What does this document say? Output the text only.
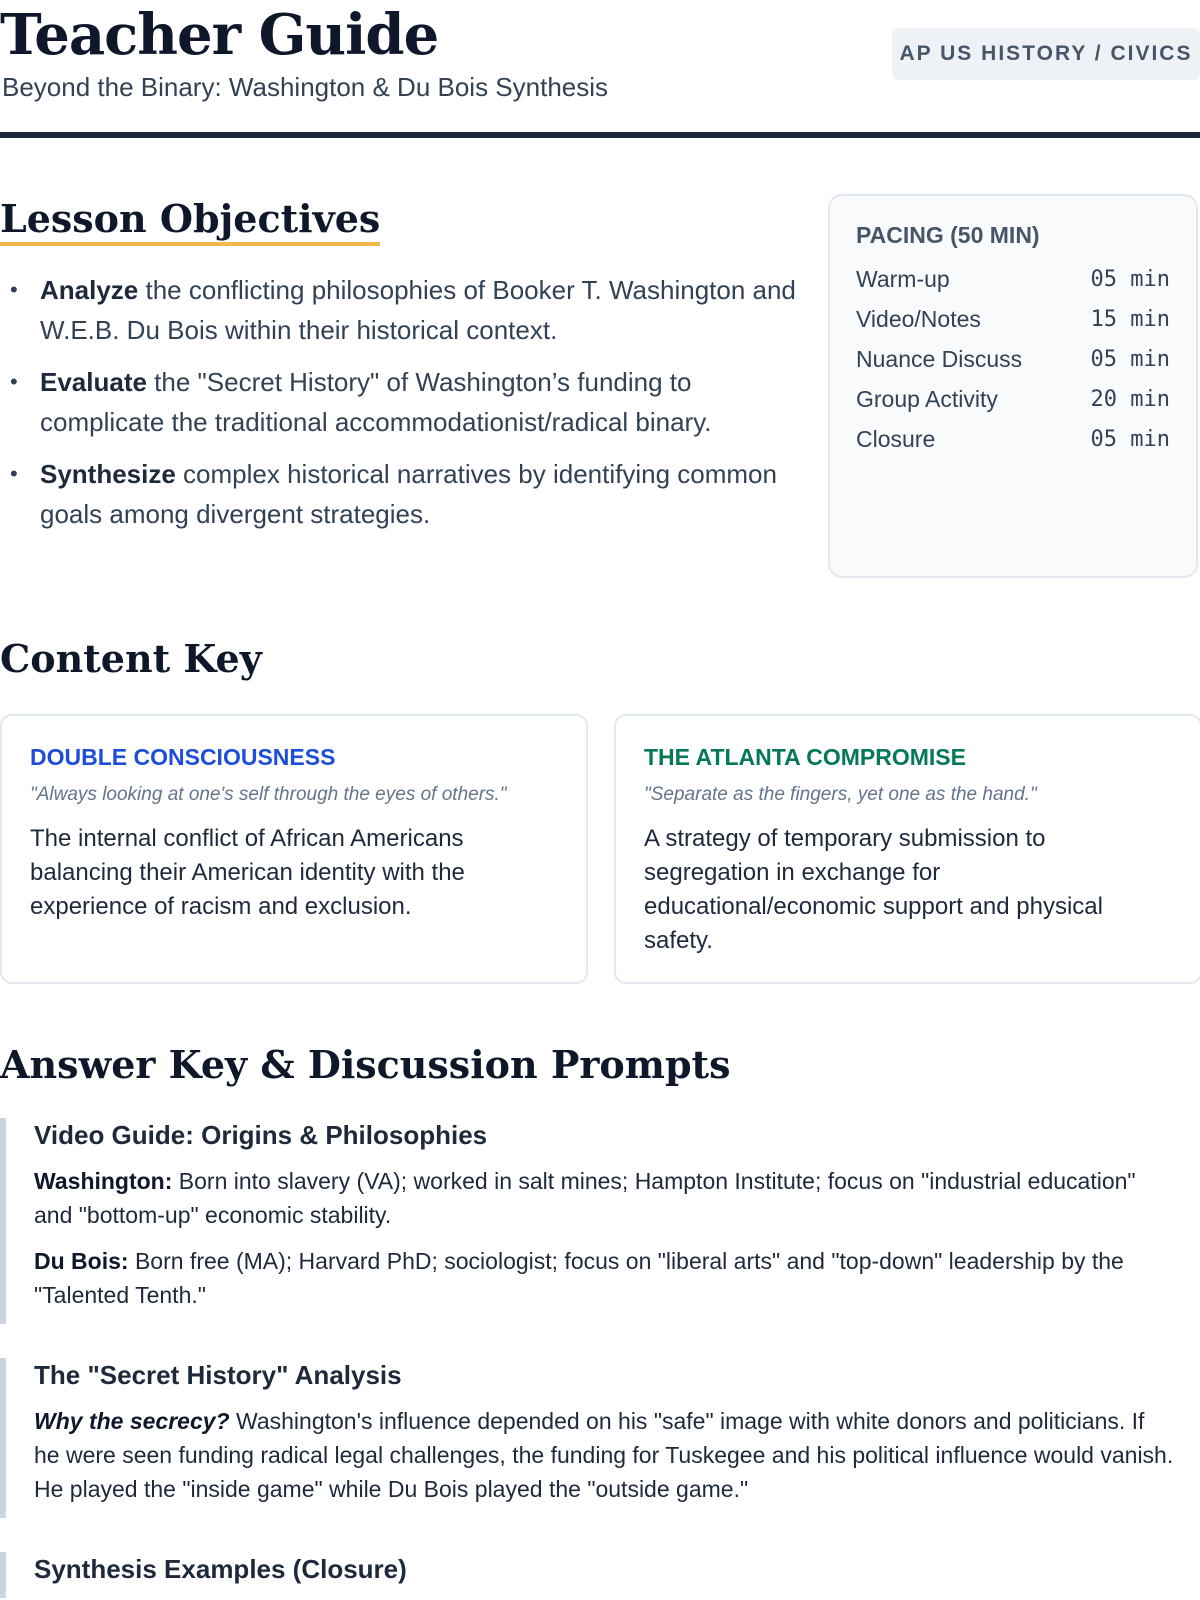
Teacher Guide
Beyond the Binary: Washington & Du Bois Synthesis
AP US HISTORY / CIVICS
Lesson Objectives
• Analyze the conflicting philosophies of Booker T. Washington and W.E.B. Du Bois within their historical context.
• Evaluate the "Secret History" of Washington’s funding to complicate the traditional accommodationist/radical binary.
• Synthesize complex historical narratives by identifying common goals among divergent strategies.
PACING (50 MIN)
Warm-up	05 min
Video/Notes	15 min
Nuance Discuss	05 min
Group Activity	20 min
Closure	05 min
Content Key
DOUBLE CONSCIOUSNESS
"Always looking at one's self through the eyes of others."
The internal conflict of African Americans balancing their American identity with the experience of racism and exclusion.
THE ATLANTA COMPROMISE
"Separate as the fingers, yet one as the hand."
A strategy of temporary submission to segregation in exchange for educational/economic support and physical safety.
Answer Key & Discussion Prompts
Video Guide: Origins & Philosophies

Washington: Born into slavery (VA); worked in salt mines; Hampton Institute; focus on "industrial education" and "bottom-up" economic stability.

Du Bois: Born free (MA); Harvard PhD; sociologist; focus on "liberal arts" and "top-down" leadership by the "Talented Tenth."

The "Secret History" Analysis

Why the secrecy? Washington's influence depended on his "safe" image with white donors and politicians. If he were seen funding radical legal challenges, the funding for Tuskegee and his political influence would vanish. He played the "inside game" while Du Bois played the "outside game."

Synthesis Examples (Closure)
